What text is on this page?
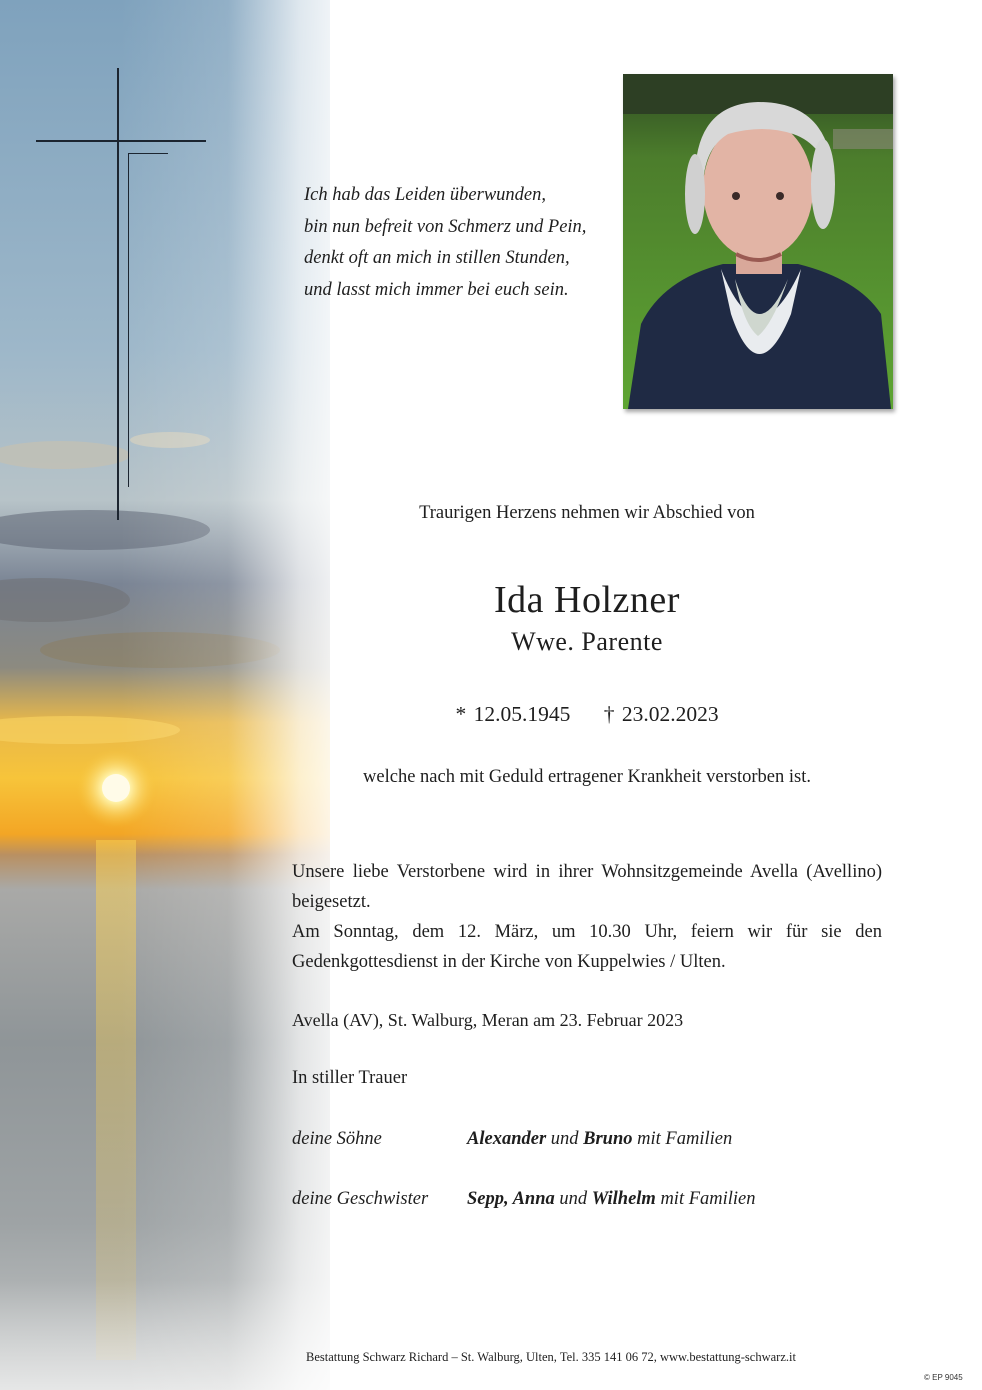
Ich hab das Leiden überwunden,
bin nun befreit von Schmerz und Pein,
denkt oft an mich in stillen Stunden,
und lasst mich immer bei euch sein.
Traurigen Herzens nehmen wir Abschied von
Ida Holzner
Wwe. Parente
* 12.05.1945 † 23.02.2023
welche nach mit Geduld ertragener Krankheit verstorben ist.

Unsere liebe Verstorbene wird in ihrer Wohnsitzgemeinde Avella (Avellino) beigesetzt.

Am Sonntag, dem 12. März, um 10.30 Uhr, feiern wir für sie den Gedenkgottesdienst in der Kirche von Kuppelwies / Ulten.

Avella (AV), St. Walburg, Meran am 23. Februar 2023
In stiller Trauer
deine Söhne	Alexander und Bruno mit Familien
deine Geschwister Sepp, Anna und Wilhelm mit Familien
Bestattung Schwarz Richard – St. Walburg, Ulten, Tel. 335 141 06 72, www.bestattung-schwarz.it
© EP 9045
